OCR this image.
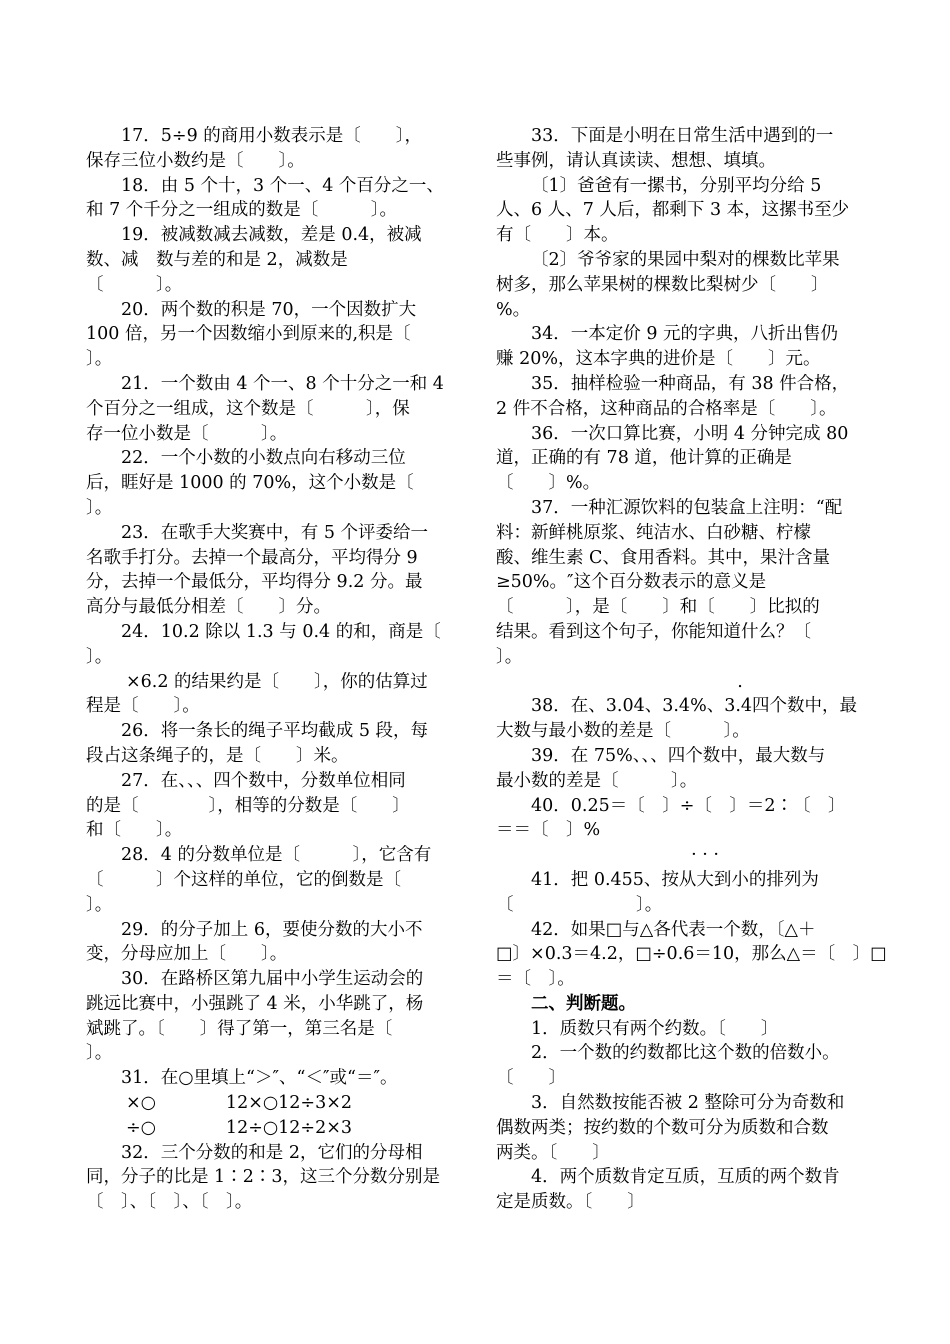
17．5÷9 的商用小数表示是〔　　〕，
保存三位小数约是〔　　〕。
18．由 5 个十，3 个一、4 个百分之一、
和 7 个千分之一组成的数是〔　　　〕。
19．被减数减去减数，差是 0.4，被减
数、减　数与差的和是 2，减数是
〔　　　〕。
20．两个数的积是 70，一个因数扩大
100 倍，另一个因数缩小到原来的,积是〔
〕。
21．一个数由 4 个一、8 个十分之一和 4
个百分之一组成，这个数是〔　　　〕，保
存一位小数是〔　　　〕。
22．一个小数的小数点向右移动三位
后，睚好是 1000 的 70%，这个小数是〔
〕。
23．在歌手大奖赛中，有 5 个评委给一
名歌手打分。去掉一个最高分，平均得分 9
分，去掉一个最低分，平均得分 9.2 分。最
高分与最低分相差〔　　〕分。
24．10.2 除以 1.3 与 0.4 的和，商是〔
〕。
×6.2 的结果约是〔　　〕，你的估算过
程是〔　　〕。
26．将一条长的绳子平均截成 5 段，每
段占这条绳子的，是〔　　〕米。
27．在、、、四个数中，分数单位相同
的是〔　　　　〕，相等的分数是〔　　〕
和〔　　〕。
28．4 的分数单位是〔　　　〕，它含有
〔　　　〕个这样的单位，它的倒数是〔
〕。
29．的分子加上 6，要使分数的大小不
变，分母应加上〔　　〕。
30．在路桥区第九届中小学生运动会的
跳远比赛中，小强跳了 4 米，小华跳了，杨
斌跳了。〔　　〕得了第一，第三名是〔
〕。
31．在○里填上“＞″、“＜″或“＝″。
×○　　　　12×○12÷3×2
÷○　　　　12÷○12÷2×3
32．三个分数的和是 2，它们的分母相
同，分子的比是 1∶2∶3，这三个分数分别是
〔　〕、〔　〕、〔　〕。
33．下面是小明在日常生活中遇到的一
些事例，请认真读读、想想、填填。
〔1〕爸爸有一摞书，分别平均分给 5
人、6 人、7 人后，都剩下 3 本，这摞书至少
有〔　　〕本。
〔2〕爷爷家的果园中梨对的棵数比苹果
树多，那么苹果树的棵数比梨树少〔　　〕
%。
34．一本定价 9 元的字典，八折出售仍
赚 20%，这本字典的进价是〔　　〕元。
35．抽样检验一种商品，有 38 件合格，
2 件不合格，这种商品的合格率是〔　　〕。
36．一次口算比赛，小明 4 分钟完成 80
道，正确的有 78 道，他计算的正确是
〔　　〕%。
37．一种汇源饮料的包装盒上注明：“配
料：新鲜桃原浆、纯洁水、白砂糖、柠檬
酸、维生素 C、食用香料。其中，果汁含量
≥50%。″这个百分数表示的意义是
〔　　　〕，是〔　　〕和〔　　〕比拟的
结果。看到这个句子，你能知道什么？〔
〕。
.
38．在、3.04、3.4%、3.4四个数中，最
大数与最小数的差是〔　　　〕。
39．在 75%、、、四个数中，最大数与
最小数的差是〔　　　〕。
40．0.25＝〔　〕÷〔　〕＝2∶〔　〕
＝＝〔　〕%
· · ·
41．把 0.455、按从大到小的排列为
〔　　　　　　　〕。
42．如果□与△各代表一个数，〔△＋
□〕×0.3＝4.2，□÷0.6＝10，那么△＝〔　〕□
＝〔　〕。
二、判断题。
1．质数只有两个约数。〔　　〕
2．一个数的约数都比这个数的倍数小。
〔　　〕
3．自然数按能否被 2 整除可分为奇数和
偶数两类；按约数的个数可分为质数和合数
两类。〔　　〕
4．两个质数肯定互质，互质的两个数肯
定是质数。〔　　〕
